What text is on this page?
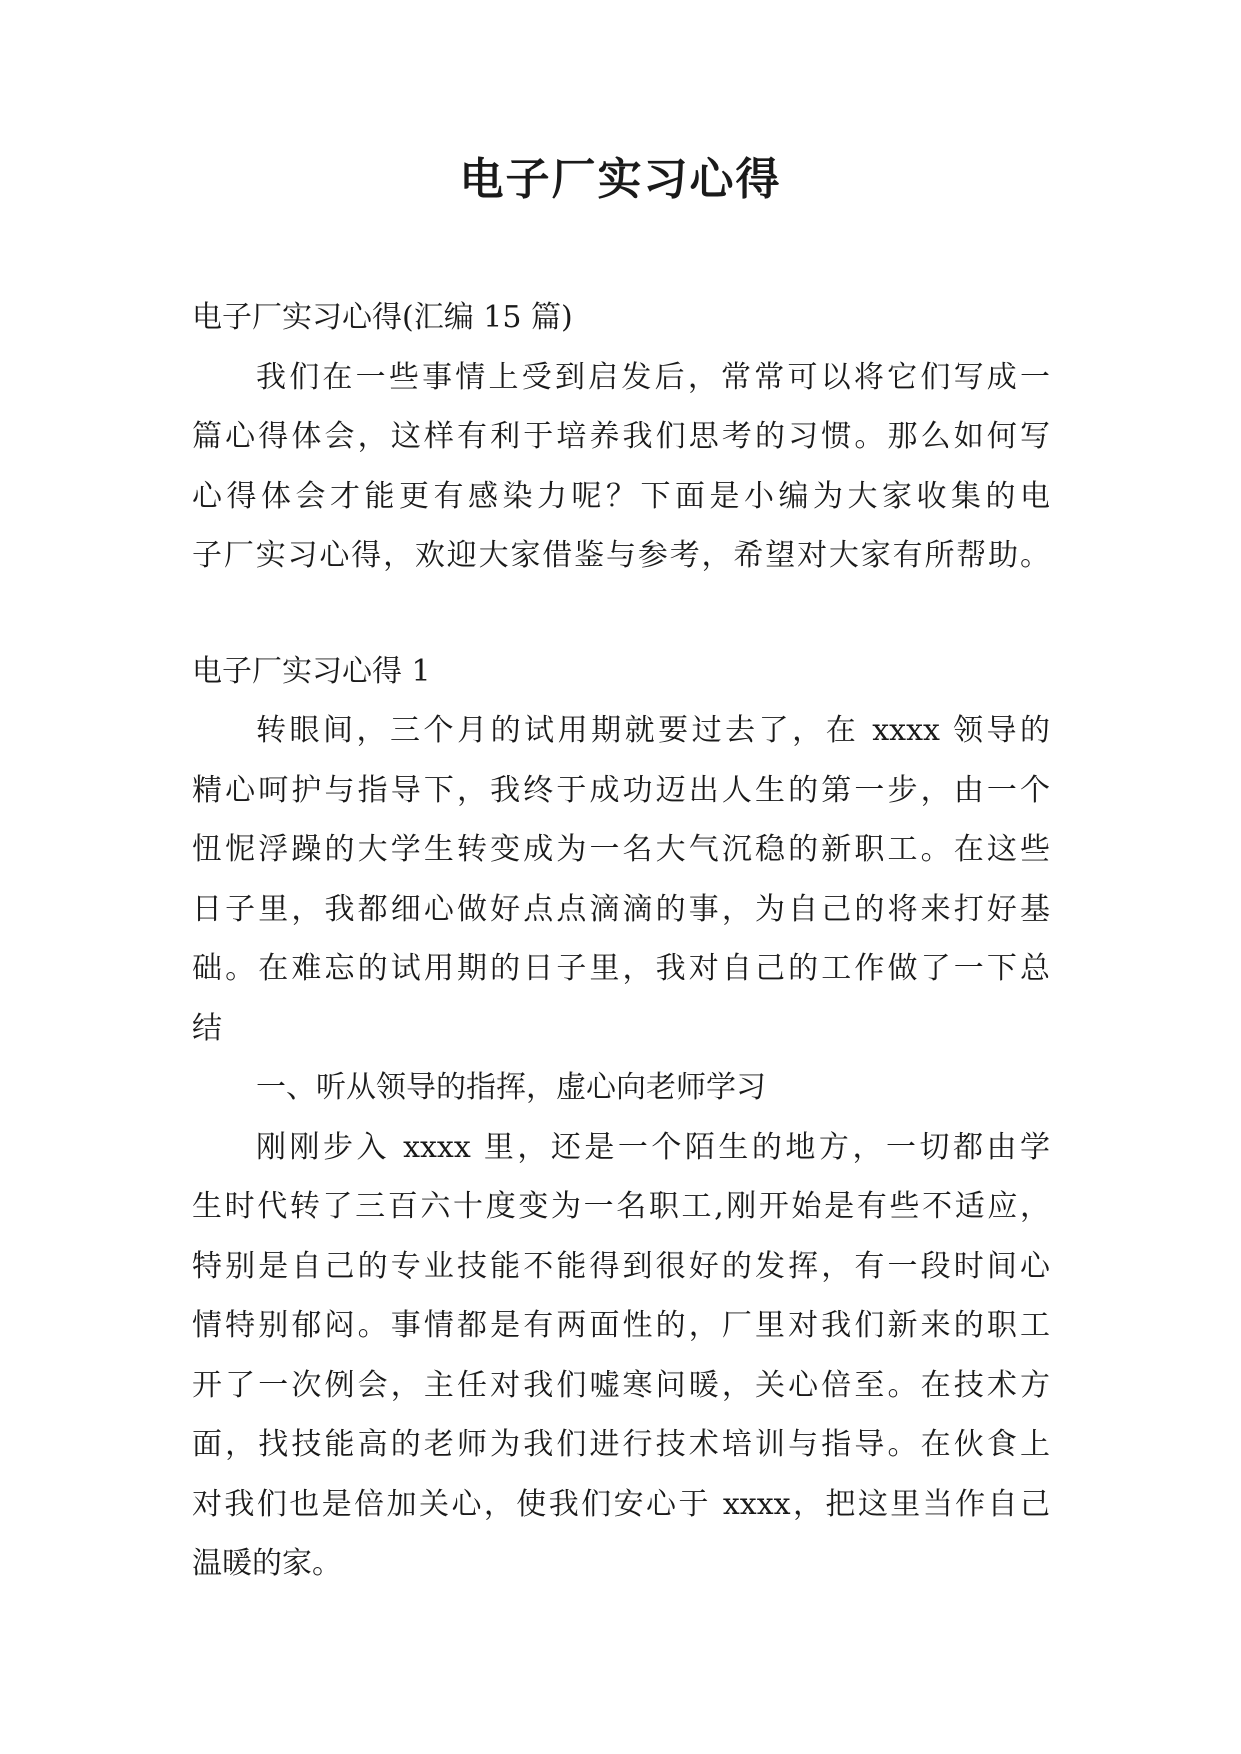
电子厂实习心得

电子厂实习心得(汇编 15 篇)

我们在一些事情上受到启发后，常常可以将它们写成一

篇心得体会，这样有利于培养我们思考的习惯。那么如何写

心得体会才能更有感染力呢？下面是小编为大家收集的电

子厂实习心得，欢迎大家借鉴与参考，希望对大家有所帮助。

电子厂实习心得 1

转眼间，三个月的试用期就要过去了，在 xxxx 领导的

精心呵护与指导下，我终于成功迈出人生的第一步，由一个

忸怩浮躁的大学生转变成为一名大气沉稳的新职工。在这些

日子里，我都细心做好点点滴滴的事，为自己的将来打好基

础。在难忘的试用期的日子里，我对自己的工作做了一下总

结

一、听从领导的指挥，虚心向老师学习

刚刚步入 xxxx 里，还是一个陌生的地方，一切都由学

生时代转了三百六十度变为一名职工,刚开始是有些不适应，

特别是自己的专业技能不能得到很好的发挥，有一段时间心

情特别郁闷。事情都是有两面性的，厂里对我们新来的职工

开了一次例会，主任对我们嘘寒问暖，关心倍至。在技术方

面，找技能高的老师为我们进行技术培训与指导。在伙食上

对我们也是倍加关心，使我们安心于 xxxx，把这里当作自己

温暖的家。
